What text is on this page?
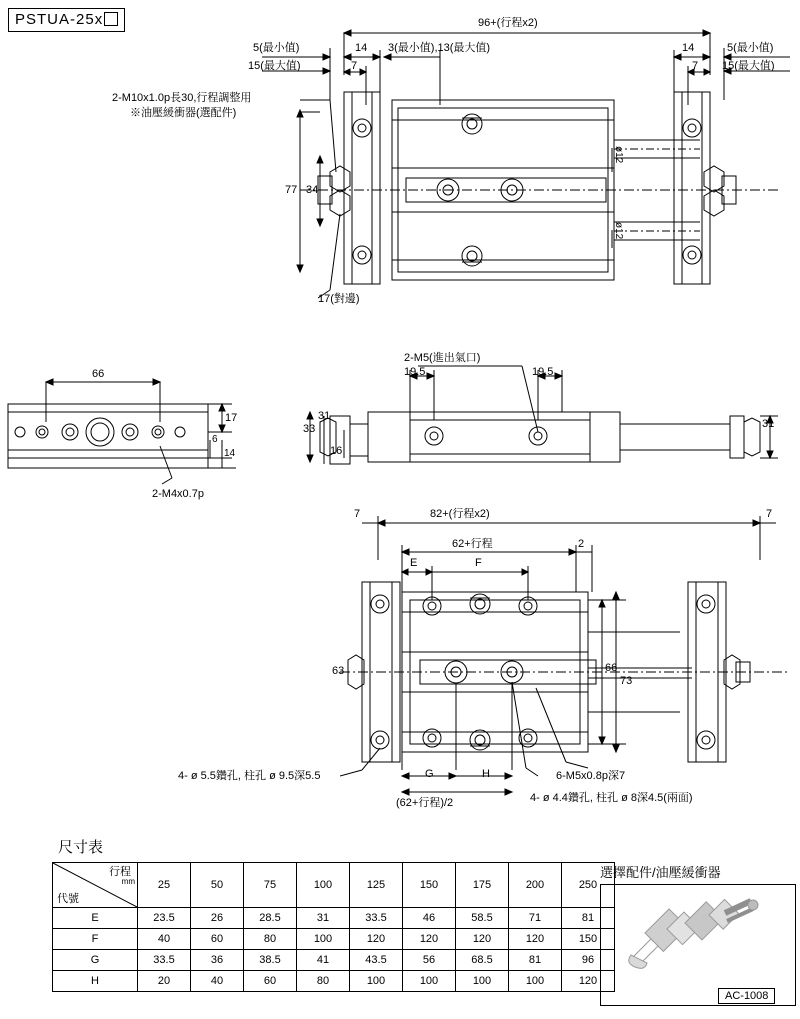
PSTUA-25x	96+(行程x2)
5(最小值)
15(最大值)
14
7
3(最小值),13(最大值)	14
7
5(最小值)
15(最大值)
77 34
ø12
ø12
2-M10x1.0p長30,行程調整用
※油壓緩衝器(選配件)
17(對邊)
66
17
6
14
2-M4x0.7p
33
31
16
19.5	19.5
31
2-M5(進出氣口)
82+(行程x2)
7	7
62+行程
E	F
2
63	66
73
G	H
(62+行程)/2
4- ø 5.5鑽孔, 柱孔 ø 9.5深5.5	6-M5x0.8p深7
4- ø 4.4鑽孔, 柱孔 ø 8深4.5(兩面)
尺寸表
行程
mm
代號	25	50	75	100	125	150	175	200	250
E	23.5	26	28.5	31	33.5	46	58.5	71	81
F	40	60	80	100	120	120	120	120	150
G	33.5	36	38.5	41	43.5	56	68.5	81	96
H	20	40	60	80	100	100	100	100	120
選擇配件/油壓緩衝器
AC-1008
